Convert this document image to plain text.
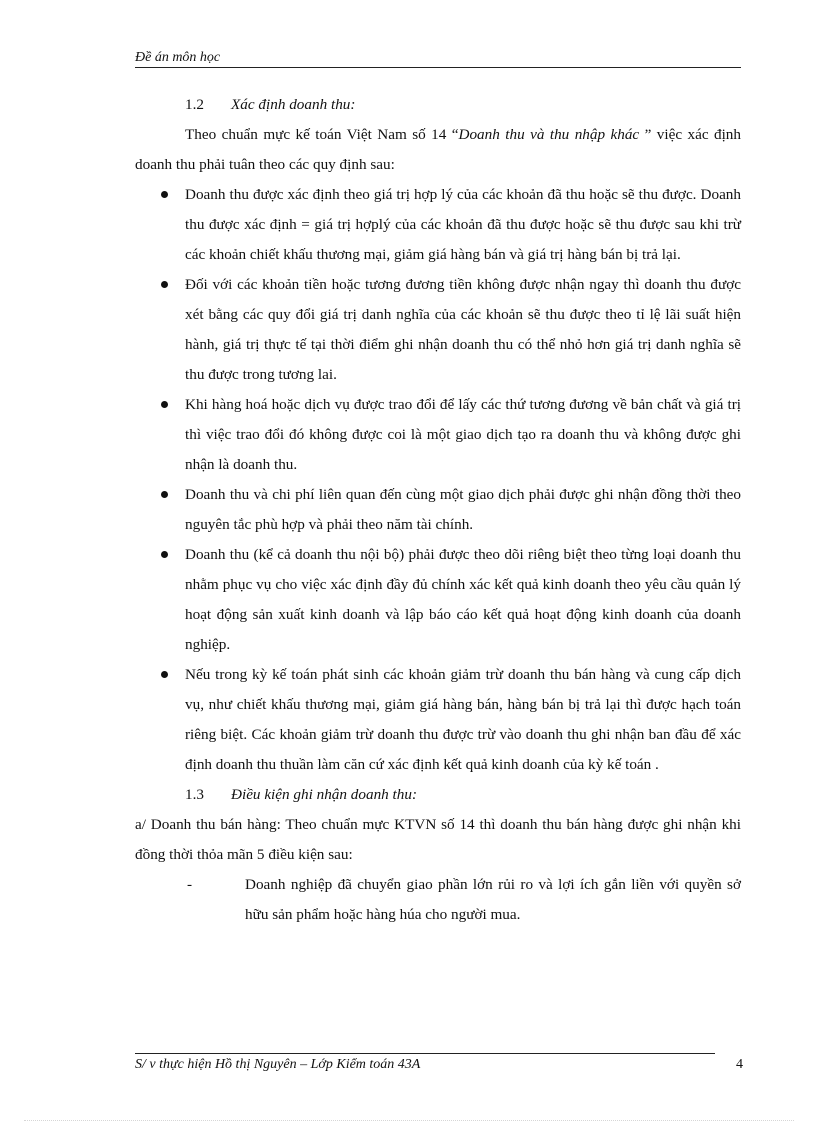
Đề án môn học

1.2 Xác định doanh thu:

Theo chuẩn mực kế toán Việt Nam số 14 “Doanh thu và thu nhập khác ” việc xác định doanh thu phải tuân theo các quy định sau:

Doanh thu được xác định theo giá trị hợp lý của các khoản đã thu hoặc sẽ thu được. Doanh thu được xác định = giá trị hợplý của các khoản đã thu được hoặc sẽ thu được sau khi trừ các khoản chiết khấu thương mại, giảm giá hàng bán và giá trị hàng bán bị trả lại.
Đối với các khoản tiền hoặc tương đương tiền không được nhận ngay thì doanh thu được xét bằng các quy đổi giá trị danh nghĩa của các khoản sẽ thu được theo tỉ lệ lãi suất hiện hành, giá trị thực tế tại thời điểm ghi nhận doanh thu có thể nhỏ hơn giá trị danh nghĩa sẽ thu được trong tương lai.
Khi hàng hoá hoặc dịch vụ được trao đổi để lấy các thứ tương đương về bản chất và giá trị thì việc trao đổi đó không được coi là một giao dịch tạo ra doanh thu và không được ghi nhận là doanh thu.
Doanh thu và chi phí liên quan đến cùng một giao dịch phải được ghi nhận đồng thời theo nguyên tắc phù hợp và phải theo năm tài chính.
Doanh thu (kể cả doanh thu nội bộ) phải được theo dõi riêng biệt theo từng loại doanh thu nhằm phục vụ cho việc xác định đầy đủ chính xác kết quả kinh doanh theo yêu cầu quản lý hoạt động sản xuất kinh doanh và lập báo cáo kết quả hoạt động kinh doanh của doanh nghiệp.
Nếu trong kỳ kế toán phát sinh các khoản giảm trừ doanh thu bán hàng và cung cấp dịch vụ, như chiết khấu thương mại, giảm giá hàng bán, hàng bán bị trả lại thì được hạch toán riêng biệt. Các khoản giảm trừ doanh thu được trừ vào doanh thu ghi nhận ban đầu để xác định doanh thu thuần làm căn cứ xác định kết quả kinh doanh của kỳ kế toán .

1.3 Điều kiện ghi nhận doanh thu:

a/ Doanh thu bán hàng: Theo chuẩn mực KTVN số 14 thì doanh thu bán hàng được ghi nhận khi đồng thời thỏa mãn 5 điều kiện sau:

-	Doanh nghiệp đã chuyển giao phần lớn rủi ro và lợi ích gắn liền với quyền sở hữu sản phẩm hoặc hàng húa cho người mua.
S/ v thực hiện Hồ thị Nguyên – Lớp Kiểm toán 43A	4
